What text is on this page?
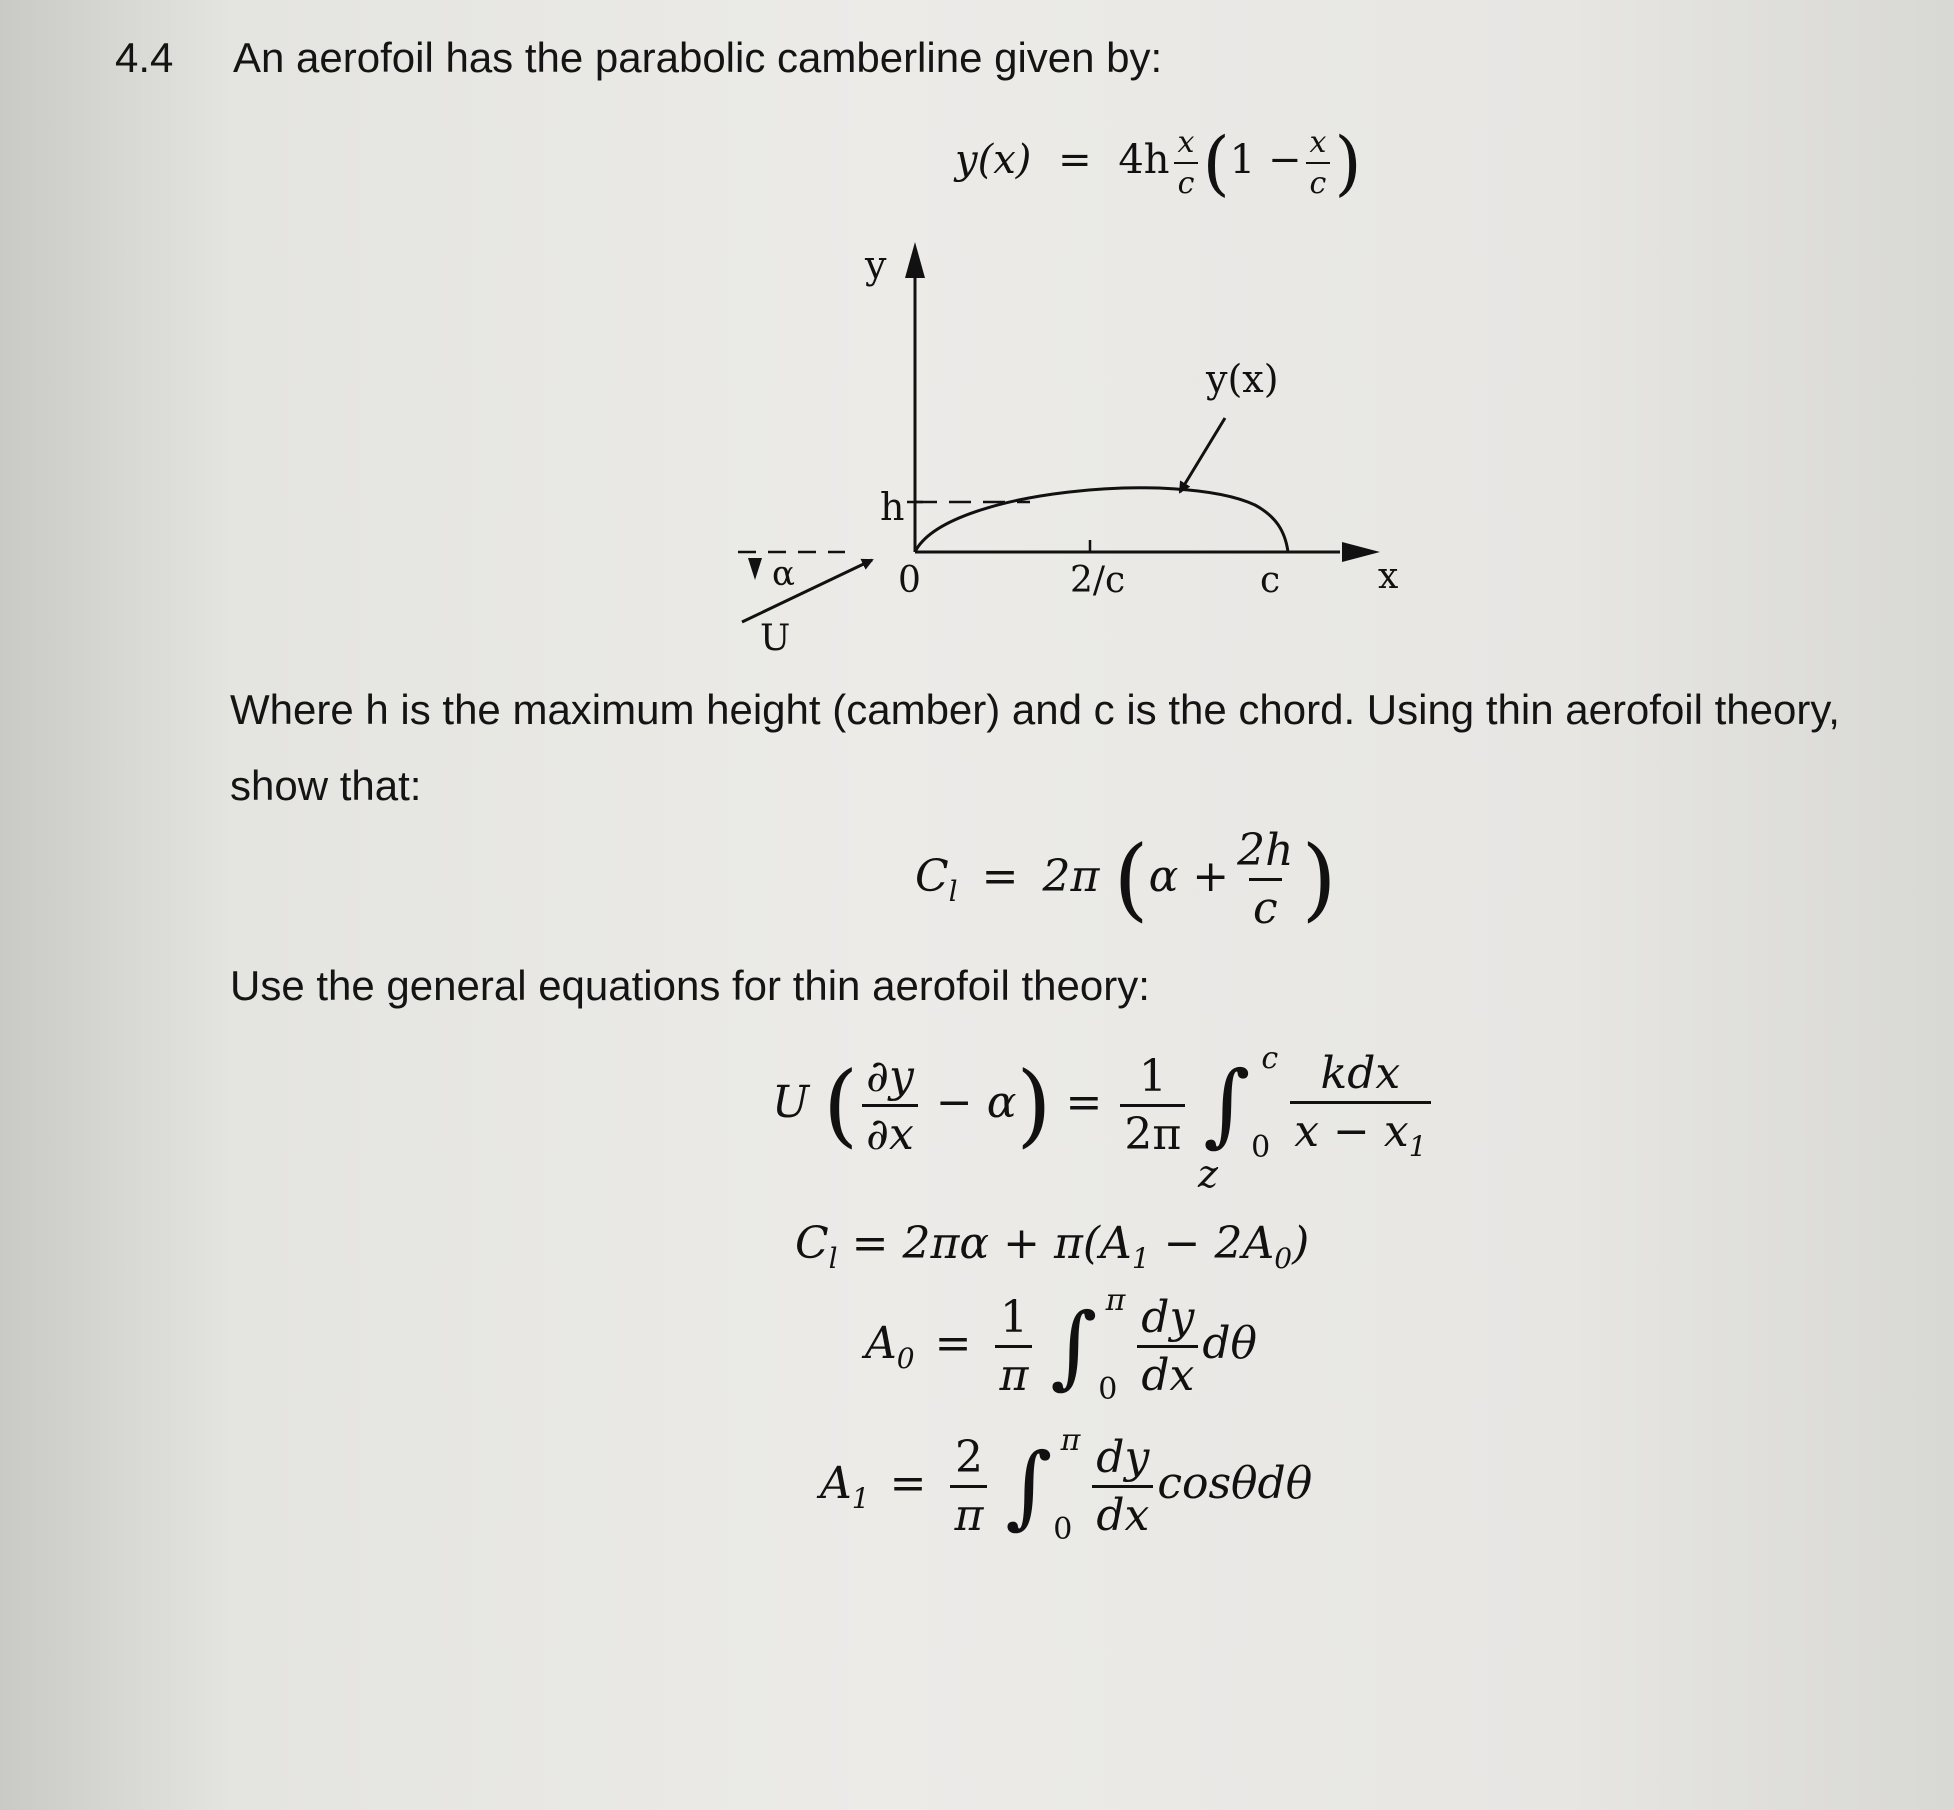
4.4 An aerofoil has the parabolic camberline given by:
$y(x) = 4h \frac{x}{c} (1 - \frac{x}{c}$ )
y
x
h
y(x)
0	2/c	c
α
U
Where h is the maximum height (camber) and c is the chord. Using thin aerofoil theory,
show that:
$C_l = 2\pi$ ($\alpha + \frac{2h}{c}$ )
Use the general equations for thin aerofoil theory:
U ( $\frac{\partial y}{\partial x} - \alpha) = \frac{1}{2\pi}$ ∫ c
0
$\frac{\text{kdx}}{x - x_1}$
z
$C_l = 2\pi\alpha + \pi(A_1 - 2A_0)$
$A_0 = \frac{1}{\pi}$ ∫ π
0
$\frac{dy}{dx}$ dθ
$A_1 = \frac{2}{\pi}$ ∫ π
0
$\frac{dy}{dx}$ cosθdθ
